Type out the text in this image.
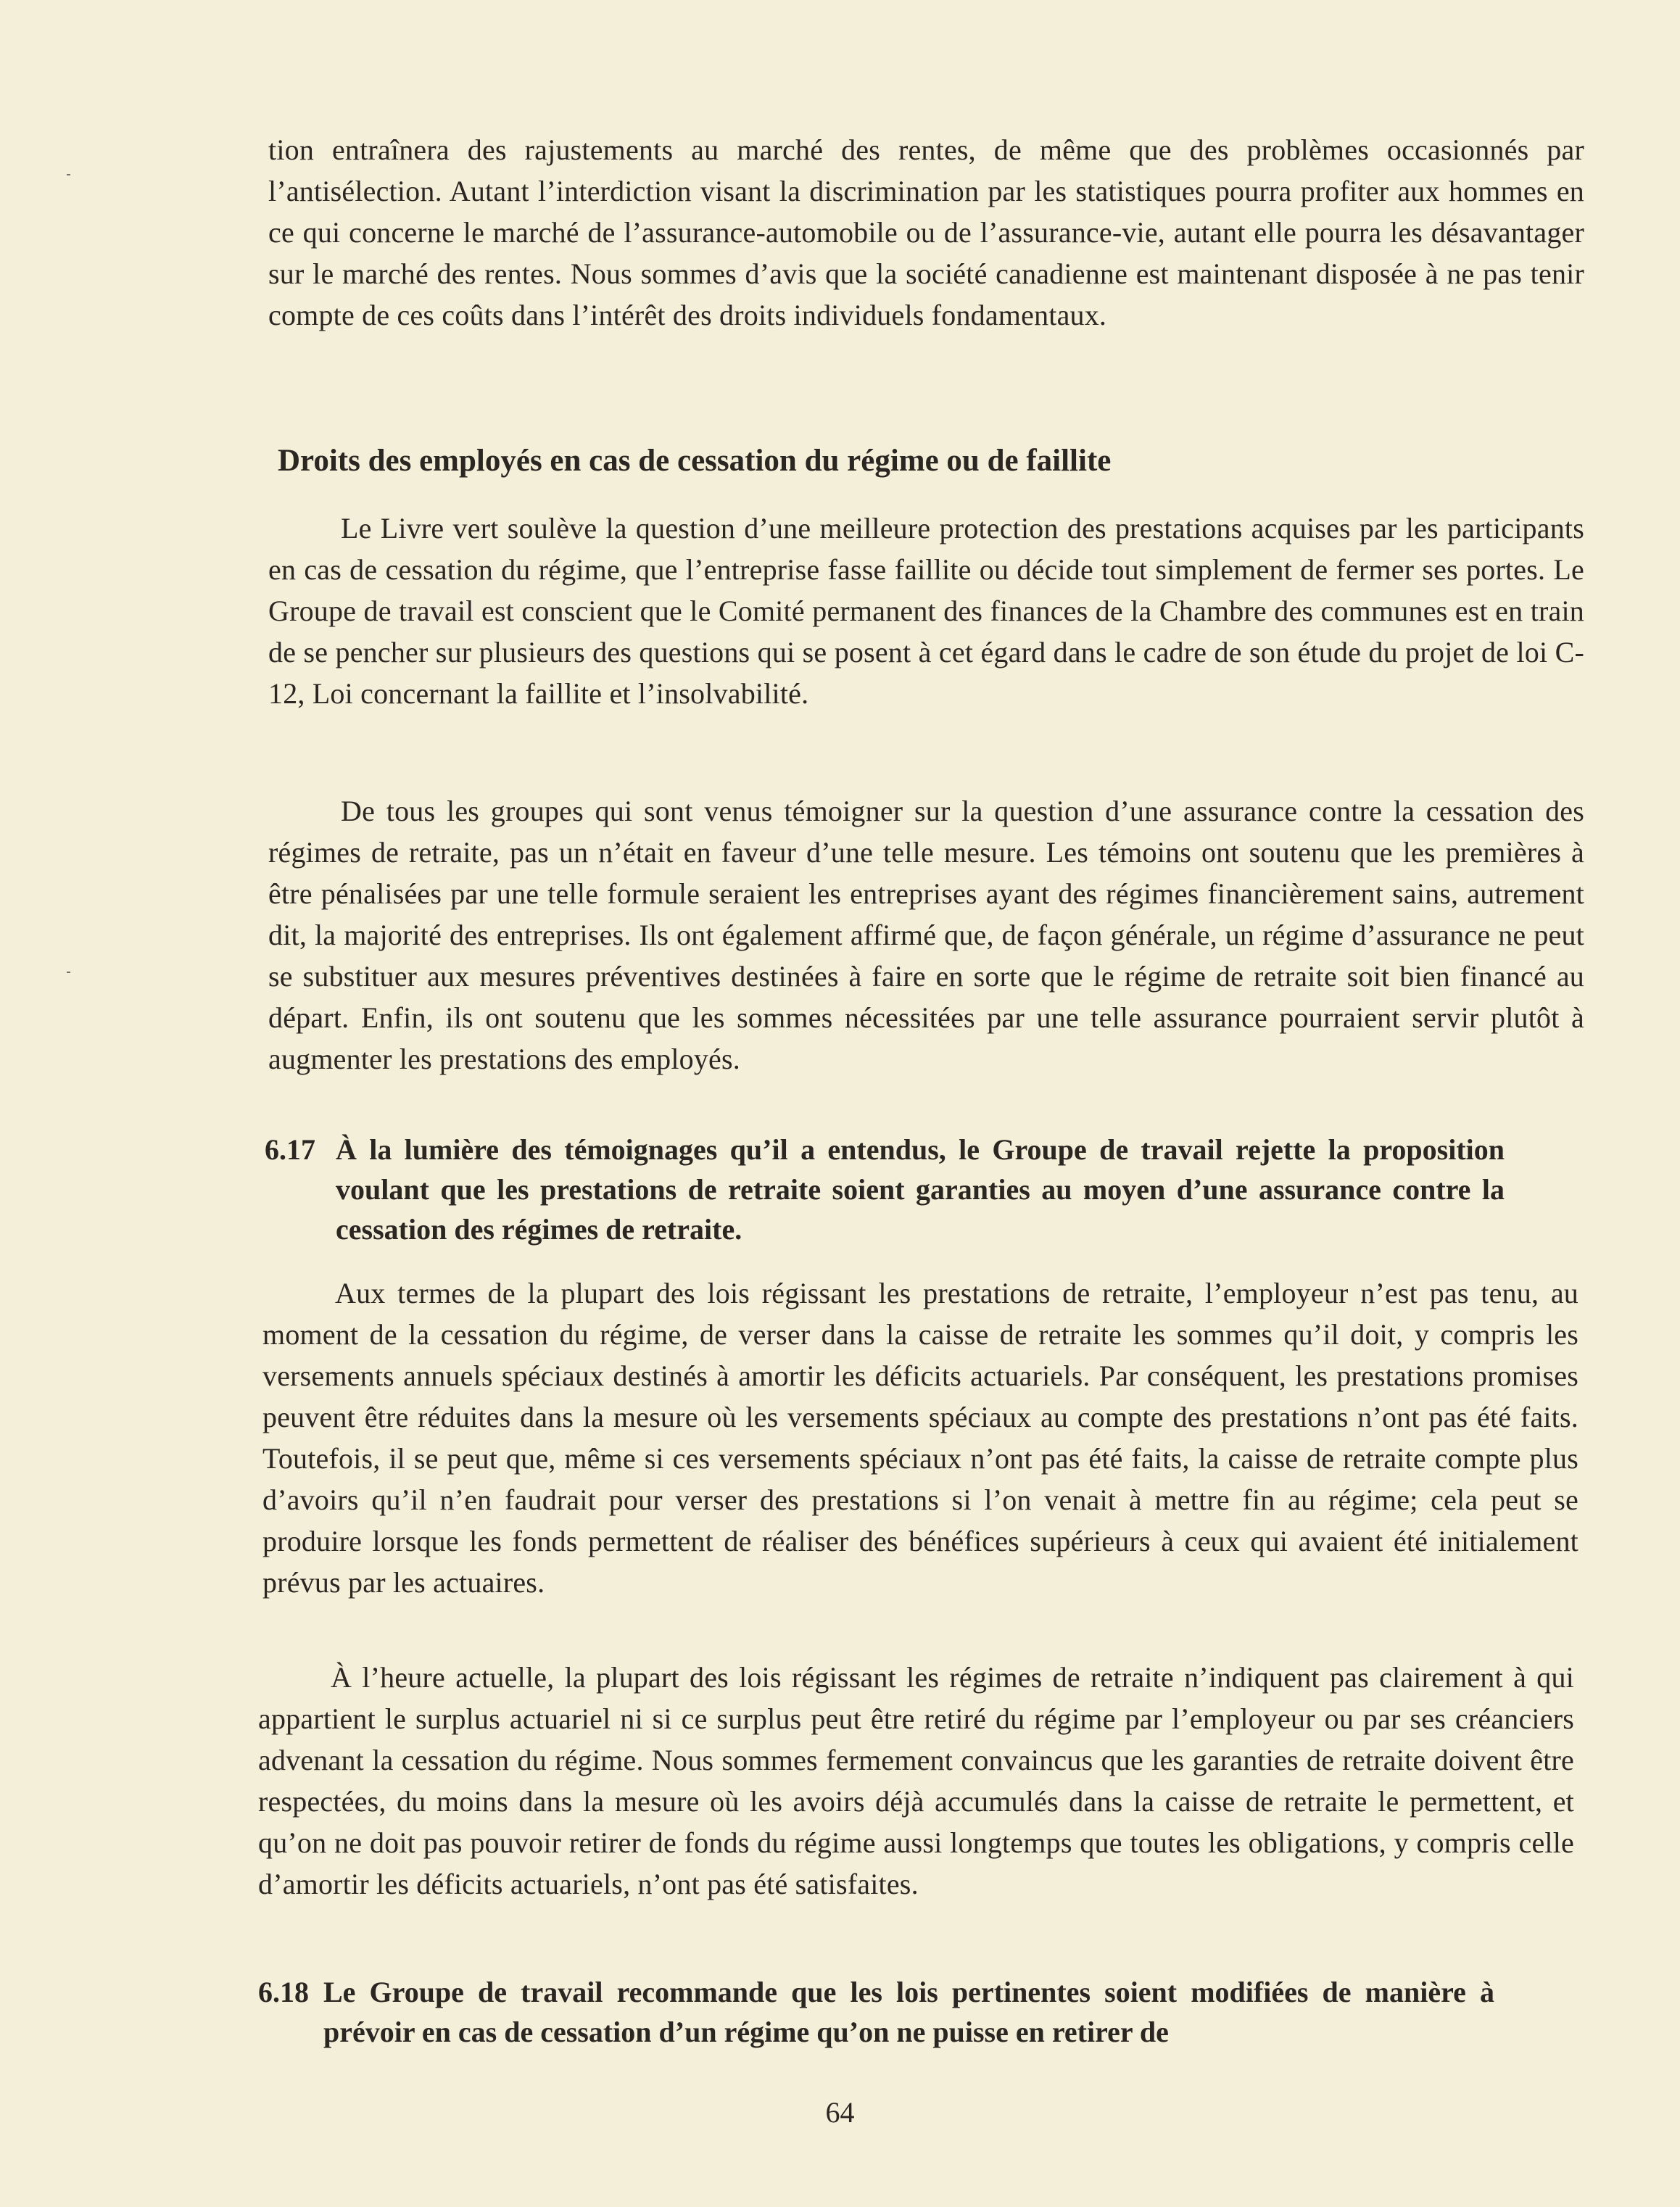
tion entraînera des rajustements au marché des rentes, de même que des problèmes occasionnés par l’antisélection. Autant l’interdiction visant la discrimination par les statistiques pourra profiter aux hommes en ce qui concerne le marché de l’assurance-automobile ou de l’assurance-vie, autant elle pourra les désavantager sur le marché des rentes. Nous sommes d’avis que la société canadienne est maintenant disposée à ne pas tenir compte de ces coûts dans l’intérêt des droits individuels fondamentaux.

Droits des employés en cas de cessation du régime ou de faillite

Le Livre vert soulève la question d’une meilleure protection des prestations acquises par les participants en cas de cessation du régime, que l’entreprise fasse faillite ou décide tout simplement de fermer ses portes. Le Groupe de travail est conscient que le Comité permanent des finances de la Chambre des communes est en train de se pencher sur plusieurs des questions qui se posent à cet égard dans le cadre de son étude du projet de loi C-12, Loi concernant la faillite et l’insolvabilité.

De tous les groupes qui sont venus témoigner sur la question d’une assurance contre la cessation des régimes de retraite, pas un n’était en faveur d’une telle mesure. Les témoins ont soutenu que les premières à être pénalisées par une telle formule seraient les entreprises ayant des régimes financièrement sains, autrement dit, la majorité des entreprises. Ils ont également affirmé que, de façon générale, un régime d’assurance ne peut se substituer aux mesures préventives destinées à faire en sorte que le régime de retraite soit bien financé au départ. Enfin, ils ont soutenu que les sommes nécessitées par une telle assurance pourraient servir plutôt à augmenter les prestations des employés.

6.17 À la lumière des témoignages qu’il a entendus, le Groupe de travail rejette la proposition voulant que les prestations de retraite soient garanties au moyen d’une assurance contre la cessation des régimes de retraite.

Aux termes de la plupart des lois régissant les prestations de retraite, l’employeur n’est pas tenu, au moment de la cessation du régime, de verser dans la caisse de retraite les sommes qu’il doit, y compris les versements annuels spéciaux destinés à amortir les déficits actuariels. Par conséquent, les prestations promises peuvent être réduites dans la mesure où les versements spéciaux au compte des prestations n’ont pas été faits. Toutefois, il se peut que, même si ces versements spéciaux n’ont pas été faits, la caisse de retraite compte plus d’avoirs qu’il n’en faudrait pour verser des prestations si l’on venait à mettre fin au régime; cela peut se produire lorsque les fonds permettent de réaliser des bénéfices supérieurs à ceux qui avaient été initialement prévus par les actuaires.

À l’heure actuelle, la plupart des lois régissant les régimes de retraite n’indiquent pas clairement à qui appartient le surplus actuariel ni si ce surplus peut être retiré du régime par l’employeur ou par ses créanciers advenant la cessation du régime. Nous sommes fermement convaincus que les garanties de retraite doivent être respectées, du moins dans la mesure où les avoirs déjà accumulés dans la caisse de retraite le permettent, et qu’on ne doit pas pouvoir retirer de fonds du régime aussi longtemps que toutes les obligations, y compris celle d’amortir les déficits actuariels, n’ont pas été satisfaites.

6.18 Le Groupe de travail recommande que les lois pertinentes soient modifiées de manière à prévoir en cas de cessation d’un régime qu’on ne puisse en retirer de

64
